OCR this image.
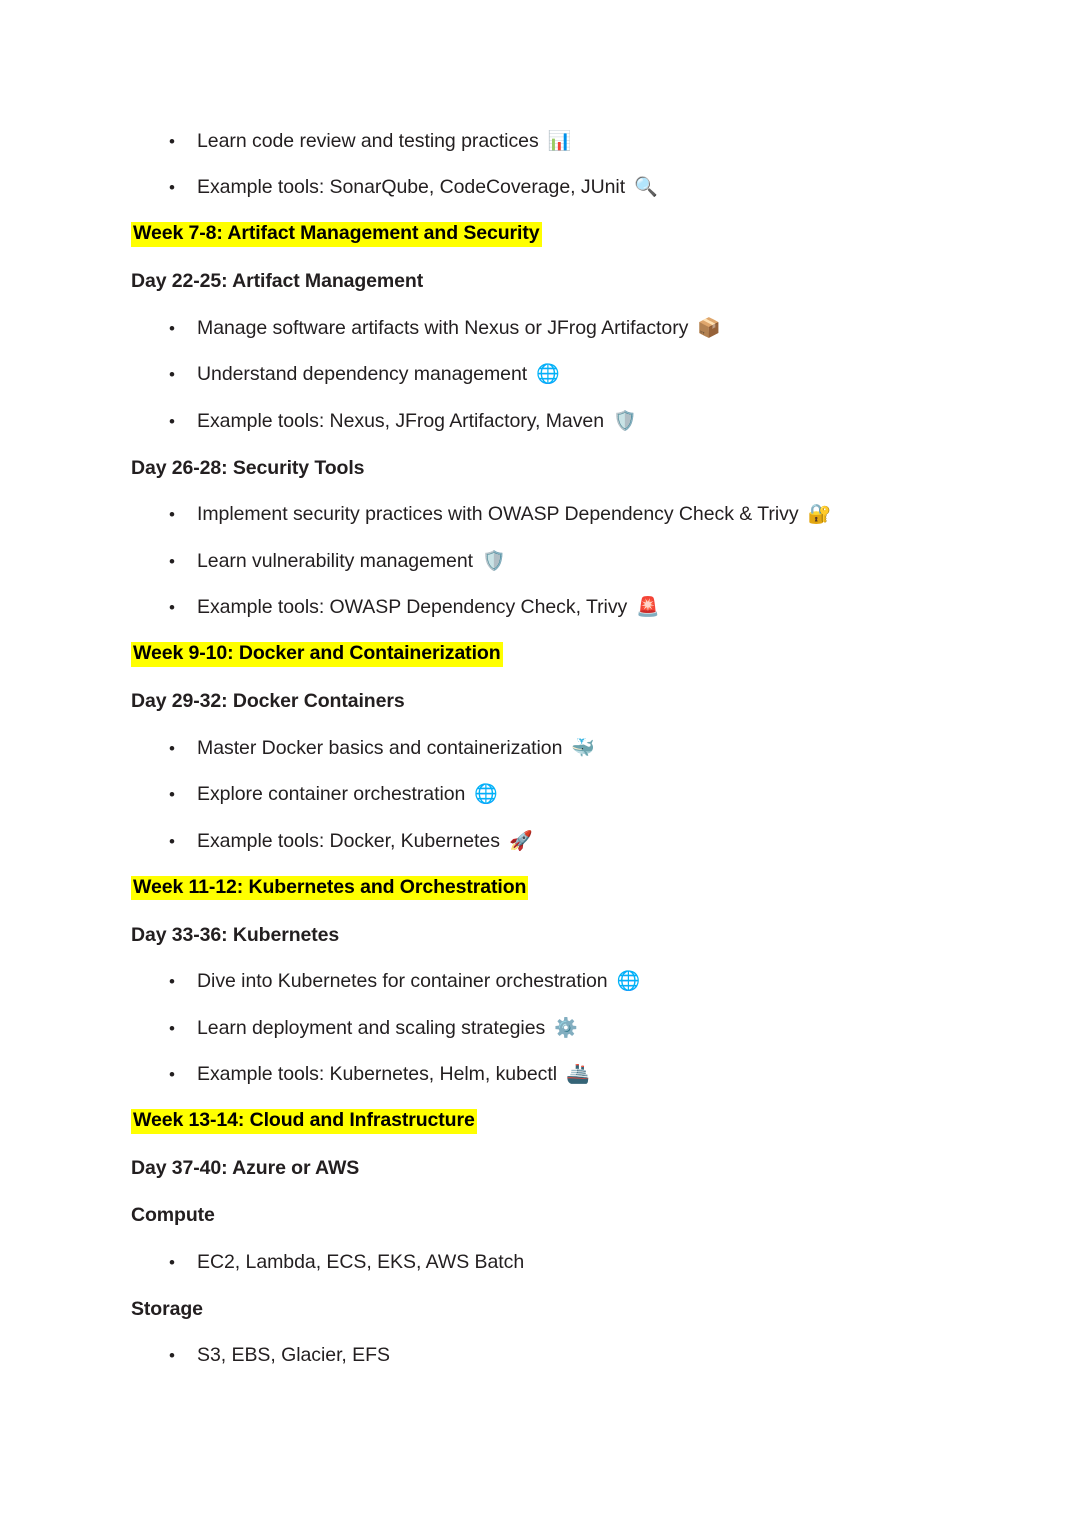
•	Learn code review and testing practices 📊
•	Example tools: SonarQube, CodeCoverage, JUnit 🔍
Week 7-8: Artifact Management and Security
Day 22-25: Artifact Management
•	Manage software artifacts with Nexus or JFrog Artifactory 📦
•	Understand dependency management 🌐
•	Example tools: Nexus, JFrog Artifactory, Maven 🛡️
Day 26-28: Security Tools
•	Implement security practices with OWASP Dependency Check & Trivy 🔐
•	Learn vulnerability management 🛡️
•	Example tools: OWASP Dependency Check, Trivy 🚨
Week 9-10: Docker and Containerization
Day 29-32: Docker Containers
•	Master Docker basics and containerization 🐳
•	Explore container orchestration 🌐
•	Example tools: Docker, Kubernetes 🚀
Week 11-12: Kubernetes and Orchestration
Day 33-36: Kubernetes
•	Dive into Kubernetes for container orchestration 🌐
•	Learn deployment and scaling strategies ⚙️
•	Example tools: Kubernetes, Helm, kubectl 🚢
Week 13-14: Cloud and Infrastructure
Day 37-40: Azure or AWS
Compute
•	EC2, Lambda, ECS, EKS, AWS Batch
Storage
•	S3, EBS, Glacier, EFS
